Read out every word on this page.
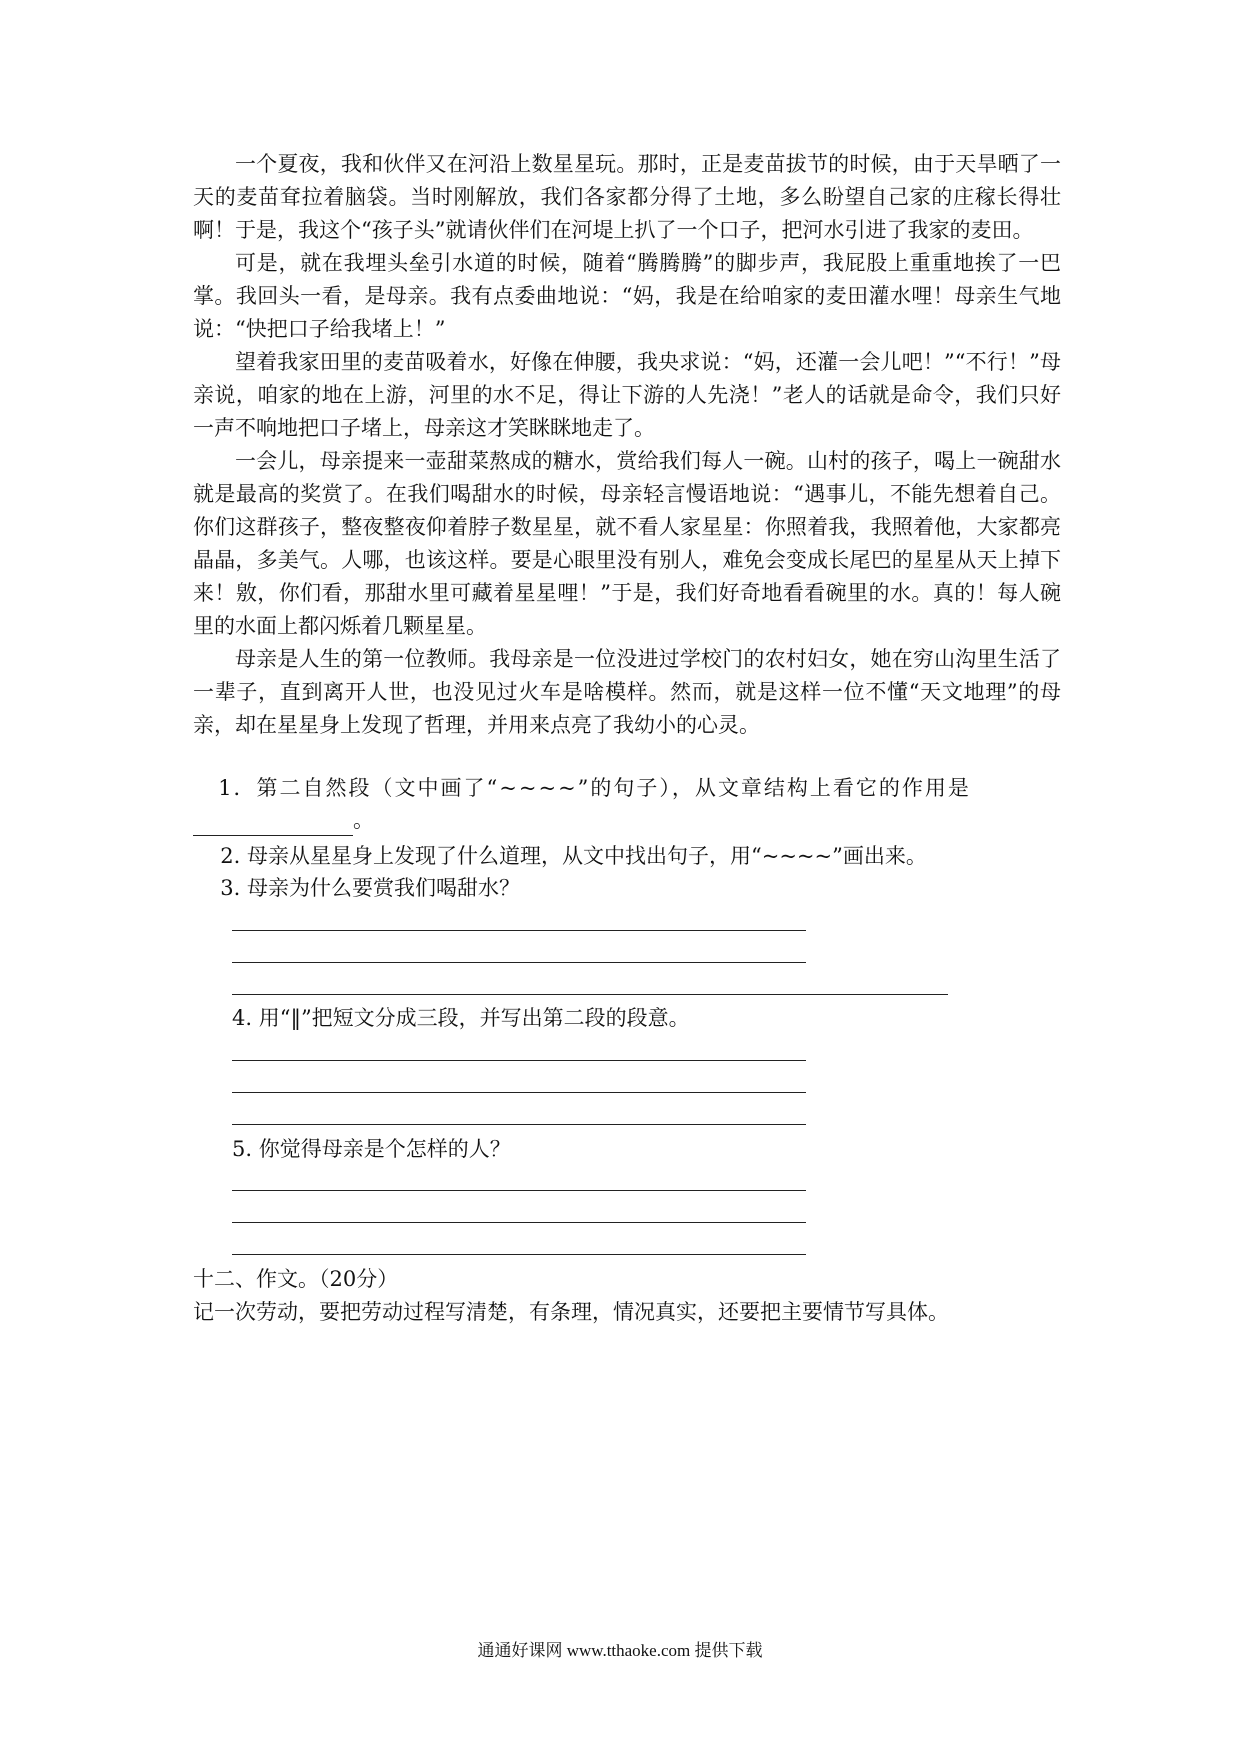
一个夏夜，我和伙伴又在河沿上数星星玩。那时，正是麦苗拔节的时候，由于天旱晒了一天的麦苗耷拉着脑袋。当时刚解放，我们各家都分得了土地，多么盼望自己家的庄稼长得壮啊！于是，我这个“孩子头”就请伙伴们在河堤上扒了一个口子，把河水引进了我家的麦田。

可是，就在我埋头垒引水道的时候，随着“腾腾腾”的脚步声，我屁股上重重地挨了一巴掌。我回头一看，是母亲。我有点委曲地说：“妈，我是在给咱家的麦田灌水哩！母亲生气地说：“快把口子给我堵上！”

望着我家田里的麦苗吸着水，好像在伸腰，我央求说：“妈，还灌一会儿吧！”“不行！”母亲说，咱家的地在上游，河里的水不足，得让下游的人先浇！”老人的话就是命令，我们只好一声不响地把口子堵上，母亲这才笑眯眯地走了。

一会儿，母亲提来一壶甜菜熬成的糖水，赏给我们每人一碗。山村的孩子，喝上一碗甜水就是最高的奖赏了。在我们喝甜水的时候，母亲轻言慢语地说：“遇事儿，不能先想着自己。你们这群孩子，整夜整夜仰着脖子数星星，就不看人家星星：你照着我，我照着他，大家都亮晶晶，多美气。人哪，也该这样。要是心眼里没有别人，难免会变成长尾巴的星星从天上掉下来！敫，你们看，那甜水里可藏着星星哩！”于是，我们好奇地看看碗里的水。真的！每人碗里的水面上都闪烁着几颗星星。

母亲是人生的第一位教师。我母亲是一位没进过学校门的农村妇女，她在穷山沟里生活了一辈子，直到离开人世，也没见过火车是啥模样。然而，就是这样一位不懂“天文地理”的母亲，却在星星身上发现了哲理，并用来点亮了我幼小的心灵。

1．第二自然段（文中画了“~~~~”的句子），从文章结构上看它的作用是

。

2. 母亲从星星身上发现了什么道理，从文中找出句子，用“~~~~”画出来。

3. 母亲为什么要赏我们喝甜水？

4. 用“‖”把短文分成三段，并写出第二段的段意。

5. 你觉得母亲是个怎样的人？

十二、作文。（20分）

记一次劳动，要把劳动过程写清楚，有条理，情况真实，还要把主要情节写具体。

通通好课网 www.tthaoke.com 提供下载
